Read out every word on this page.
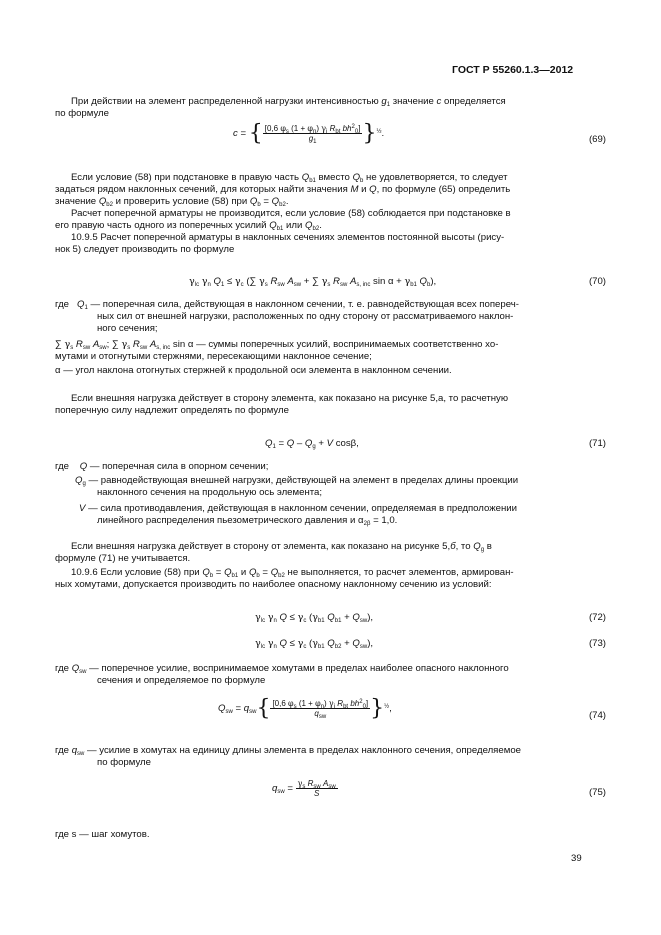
ГОСТ Р 55260.1.3—2012
При действии на элемент распределенной нагрузки интенсивностью $g_1$ значение c определяется
по формуле
c = { $\frac{[0,6 \varphi_s (1 + \varphi_n) \gamma_i R_{bt} bh^2_0]}{g_1} \}^{\frac{1}{2}}$.
(69)
Если условие (58) при подстановке в правую часть $Q_{b1}$ вместо $Q_b$ не удовлетворяется, то следует
задаться рядом наклонных сечений, для которых найти значения M и Q, по формуле (65) определить
значение $Q_{b2}$ и проверить условие (58) при $Q_b = Q_{b2}$.
Расчет поперечной арматуры не производится, если условие (58) соблюдается при подстановке в
его правую часть одного из поперечных усилий $Q_{b1}$ или $Q_{b2}$.
10.9.5 Расчет поперечной арматуры в наклонных сечениях элементов постоянной высоты (рису-
нок 5) следует производить по формуле
$\gamma_{lc}$ $\gamma_n$ $Q_1 \le \gamma_c$ (∑ $\gamma_s$ $R_{sw}$ $A_{sw}$ + ∑ $\gamma_s$ $R_{sw}$ $A_{s, inc}$ $\sin \alpha + \gamma_{b1}$ $Q_b$),	(70)
где $Q_1$ — поперечная сила, действующая в наклонном сечении, т. е. равнодействующая всех попереч-
ных сил от внешней нагрузки, расположенных по одну сторону от рассматриваемого наклон-
ного сечения;
∑ $\gamma_s$ $R_{sw}$ $A_{sw}$; ∑ $\gamma_s$ $R_{sw}$ $A_{s, inc}$ sin α — суммы поперечных усилий, воспринимаемых соответственно хо-
мутами и отогнутыми стержнями, пересекающими наклонное сечение;
α — угол наклона отогнутых стержней к продольной оси элемента в наклонном сечении.
Если внешняя нагрузка действует в сторону элемента, как показано на рисунке 5,а, то расчетную
поперечную силу надлежит определять по формуле
$Q_1 = Q - Q_g + V$ cosβ,	(71)
где Q — поперечная сила в опорном сечении;
$Q_g$ — равнодействующая внешней нагрузки, действующей на элемент в пределах длины проекции
наклонного сечения на продольную ось элемента;
V — сила противодавления, действующая в наклонном сечении, определяемая в предположении
линейного распределения пьезометрического давления и $\alpha_{2\beta} = 1,0$.
Если внешняя нагрузка действует в сторону от элемента, как показано на рисунке 5,б, то $Q_g$ в
формуле (71) не учитывается.
10.9.6 Если условие (58) при $Q_b = Q_{b1}$ и $Q_b = Q_{b2}$ не выполняется, то расчет элементов, армирован-
ных хомутами, допускается производить по наиболее опасному наклонному сечению из условий:
$\gamma_{lc}$ $\gamma_n$ $Q \le \gamma_c$ ($\gamma_{b1}$ $Q_{b1} + Q_{sw}$),	(72)
$\gamma_{lc}$ $\gamma_n$ $Q \le \gamma_c$ ($\gamma_{b1}$ $Q_{b2} + Q_{sw}$),	(73)
где $Q_{sw}$ — поперечное усилие, воспринимаемое хомутами в пределах наиболее опасного наклонного
сечения и определяемое по формуле
$Q_{sw} = q_{sw}\{ \frac{[0,6 \varphi_s (1 + \varphi_n) \gamma_i R_{bt} bh^2_0]}{q_{sw}} \}^{\frac{1}{2}}$,
(74)
где $q_{sw}$ — усилие в хомутах на единицу длины элемента в пределах наклонного сечения, определяемое
по формуле
$q_{sw} = \frac{\gamma_s R_{sw} A_{sw}}{S}$	(75)
где s — шаг хомутов.
39
